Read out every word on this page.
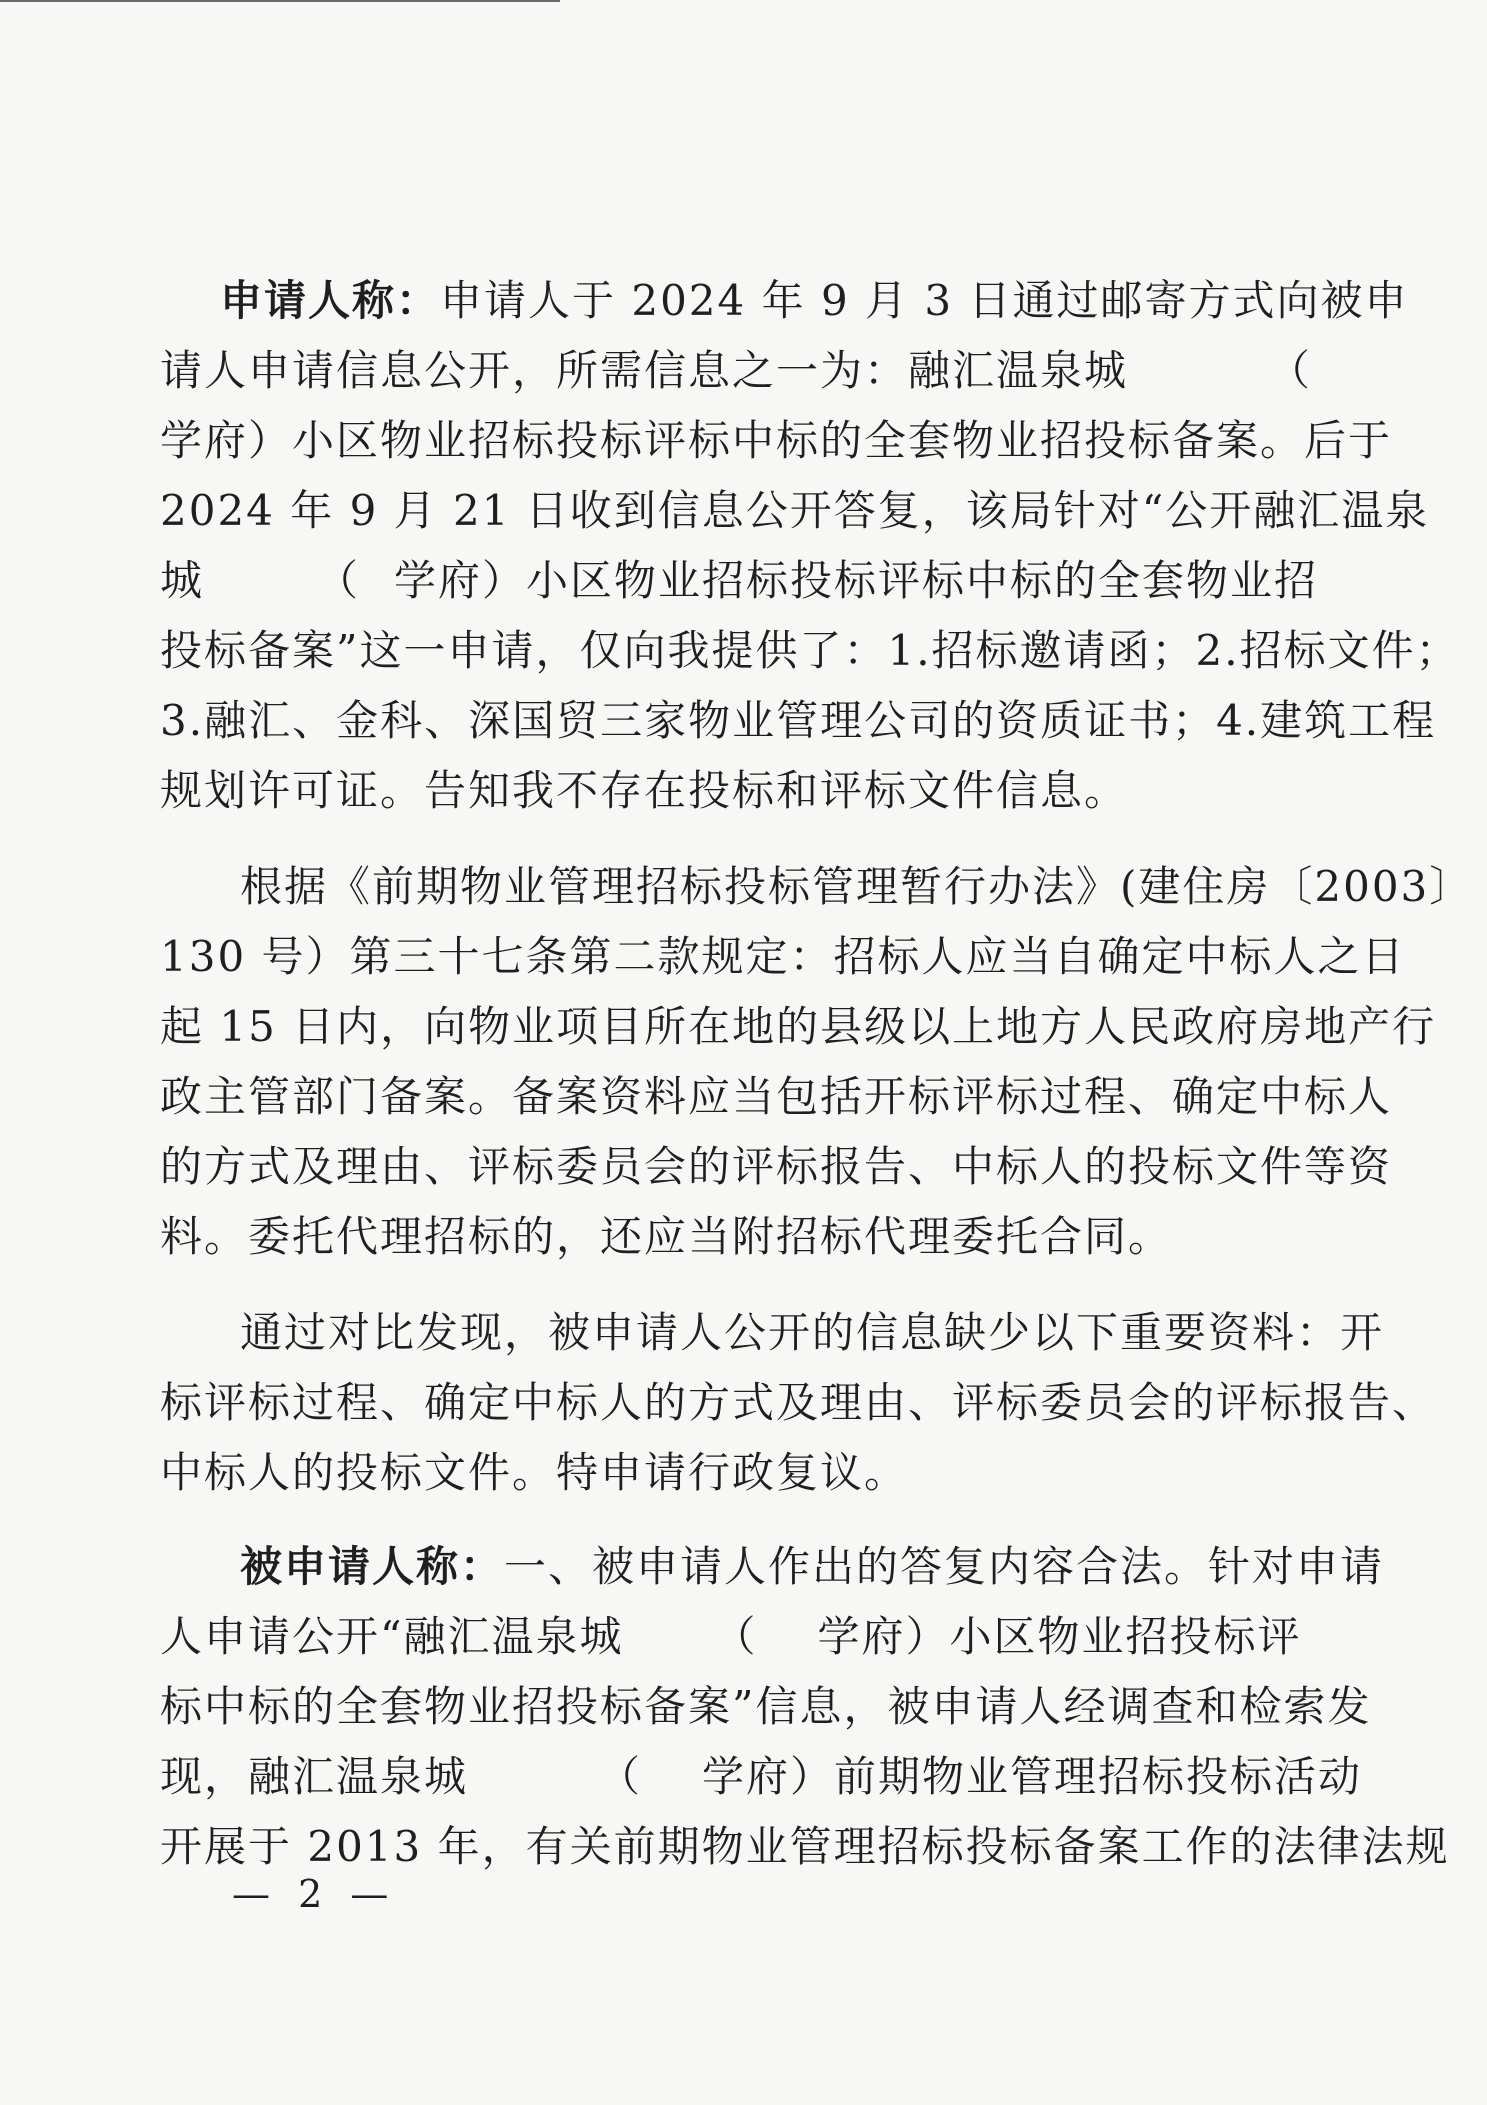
申请人称：申请人于 2024 年 9 月 3 日通过邮寄方式向被申
请人申请信息公开，所需信息之一为：融汇温泉城	（
学府）小区物业招标投标评标中标的全套物业招投标备案。后于
2024 年 9 月 21 日收到信息公开答复，该局针对“公开融汇温泉
城	（ 学府）小区物业招标投标评标中标的全套物业招
投标备案”这一申请，仅向我提供了：1.招标邀请函；2.招标文件；
3.融汇、金科、深国贸三家物业管理公司的资质证书；4.建筑工程
规划许可证。告知我不存在投标和评标文件信息。
根据《前期物业管理招标投标管理暂行办法》(建住房〔2003〕
130 号）第三十七条第二款规定：招标人应当自确定中标人之日
起 15 日内，向物业项目所在地的县级以上地方人民政府房地产行
政主管部门备案。备案资料应当包括开标评标过程、确定中标人
的方式及理由、评标委员会的评标报告、中标人的投标文件等资
料。委托代理招标的，还应当附招标代理委托合同。
通过对比发现，被申请人公开的信息缺少以下重要资料：开
标评标过程、确定中标人的方式及理由、评标委员会的评标报告、
中标人的投标文件。特申请行政复议。
被申请人称：一、被申请人作出的答复内容合法。针对申请
人申请公开“融汇温泉城 （ 学府）小区物业招投标评
标中标的全套物业招投标备案”信息，被申请人经调查和检索发
现，融汇温泉城	（ 学府）前期物业管理招标投标活动
开展于 2013 年，有关前期物业管理招标投标备案工作的法律法规
— 2 —
